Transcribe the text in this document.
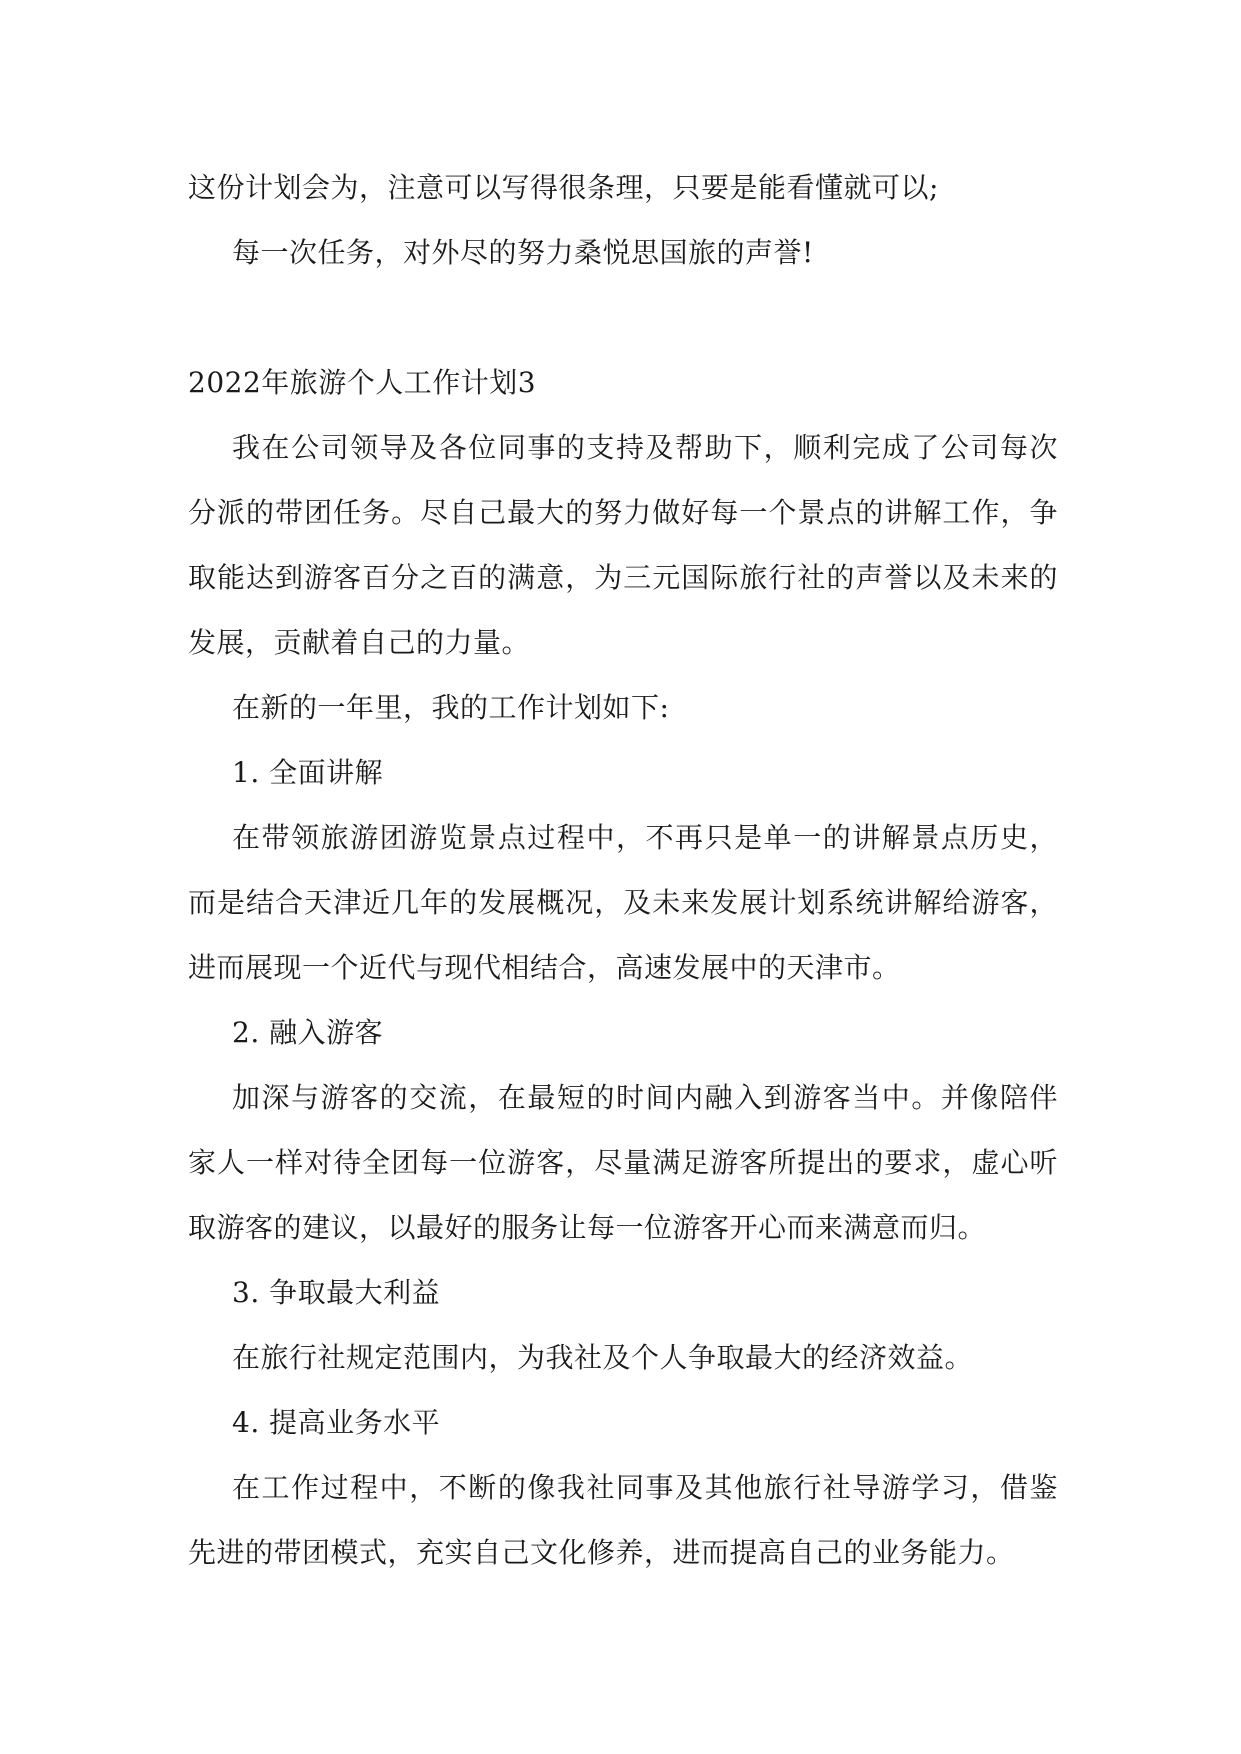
这份计划会为，注意可以写得很条理，只要是能看懂就可以;

每一次任务，对外尽的努力桑悦思国旅的声誉!

2022年旅游个人工作计划3

我在公司领导及各位同事的支持及帮助下，顺利完成了公司每次分派的带团任务。尽自己最大的努力做好每一个景点的讲解工作，争取能达到游客百分之百的满意，为三元国际旅行社的声誉以及未来的发展，贡献着自己的力量。

在新的一年里，我的工作计划如下:

1. 全面讲解

在带领旅游团游览景点过程中，不再只是单一的讲解景点历史，而是结合天津近几年的发展概况，及未来发展计划系统讲解给游客，进而展现一个近代与现代相结合，高速发展中的天津市。

2. 融入游客

加深与游客的交流，在最短的时间内融入到游客当中。并像陪伴家人一样对待全团每一位游客，尽量满足游客所提出的要求，虚心听取游客的建议，以最好的服务让每一位游客开心而来满意而归。

3. 争取最大利益

在旅行社规定范围内，为我社及个人争取最大的经济效益。

4. 提高业务水平

在工作过程中，不断的像我社同事及其他旅行社导游学习，借鉴先进的带团模式，充实自己文化修养，进而提高自己的业务能力。
